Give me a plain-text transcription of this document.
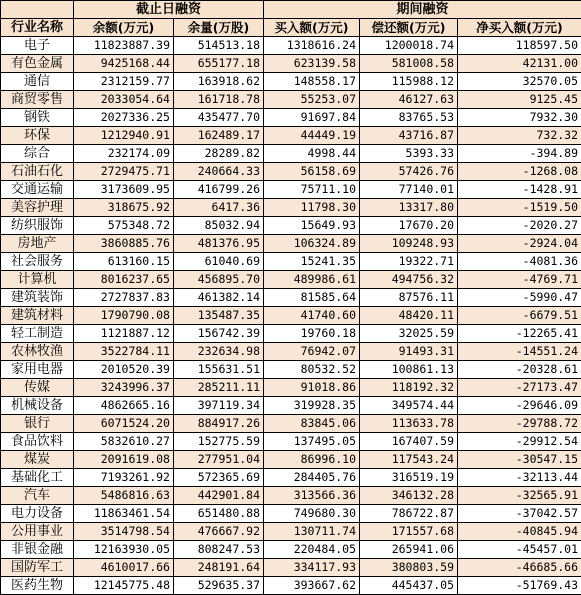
	截止日融资		期间融资		
行业名称	余额(万元)	余量(万股)	买入额(万元)	偿还额(万元)	净买入额(万元)
电子	11823887.39	514513.18	1318616.24	1200018.74	118597.50
有色金属	9425168.44	655177.18	623139.58	581008.58	42131.00
通信	2312159.77	163918.62	148558.17	115988.12	32570.05
商贸零售	2033054.64	161718.78	55253.07	46127.63	9125.45
钢铁	2027336.25	435477.70	91697.84	83765.53	7932.30
环保	1212940.91	162489.17	44449.19	43716.87	732.32
综合	232174.09	28289.82	4998.44	5393.33	-394.89
石油石化	2729475.71	240664.33	56158.69	57426.76	-1268.08
交通运输	3173609.95	416799.26	75711.10	77140.01	-1428.91
美容护理	318675.92	6417.36	11798.30	13317.80	-1519.50
纺织服饰	575348.72	85032.94	15649.93	17670.20	-2020.27
房地产	3860885.76	481376.95	106324.89	109248.93	-2924.04
社会服务	613160.15	61040.69	15241.35	19322.71	-4081.36
计算机	8016237.65	456895.70	489986.61	494756.32	-4769.71
建筑装饰	2727837.83	461382.14	81585.64	87576.11	-5990.47
建筑材料	1790790.08	135487.35	41740.60	48420.11	-6679.51
轻工制造	1121887.12	156742.39	19760.18	32025.59	-12265.41
农林牧渔	3522784.11	232634.98	76942.07	91493.31	-14551.24
家用电器	2010520.39	155631.51	80532.52	100861.13	-20328.61
传媒	3243996.37	285211.11	91018.86	118192.32	-27173.47
机械设备	4862665.16	397119.34	319928.35	349574.44	-29646.09
银行	6071524.20	884917.26	83845.06	113633.78	-29788.72
食品饮料	5832610.27	152775.59	137495.05	167407.59	-29912.54
煤炭	2091619.08	277951.04	86996.10	117543.24	-30547.15
基础化工	7193261.92	572365.69	284405.76	316519.19	-32113.44
汽车	5486816.63	442901.84	313566.36	346132.28	-32565.91
电力设备	11863461.54	651480.88	749680.30	786722.87	-37042.57
公用事业	3514798.54	476667.92	130711.74	171557.68	-40845.94
非银金融	12163930.05	808247.53	220484.05	265941.06	-45457.01
国防军工	4610017.66	248191.64	334117.93	380803.59	-46685.66
医药生物	12145775.48	529635.37	393667.62	445437.05	-51769.43
